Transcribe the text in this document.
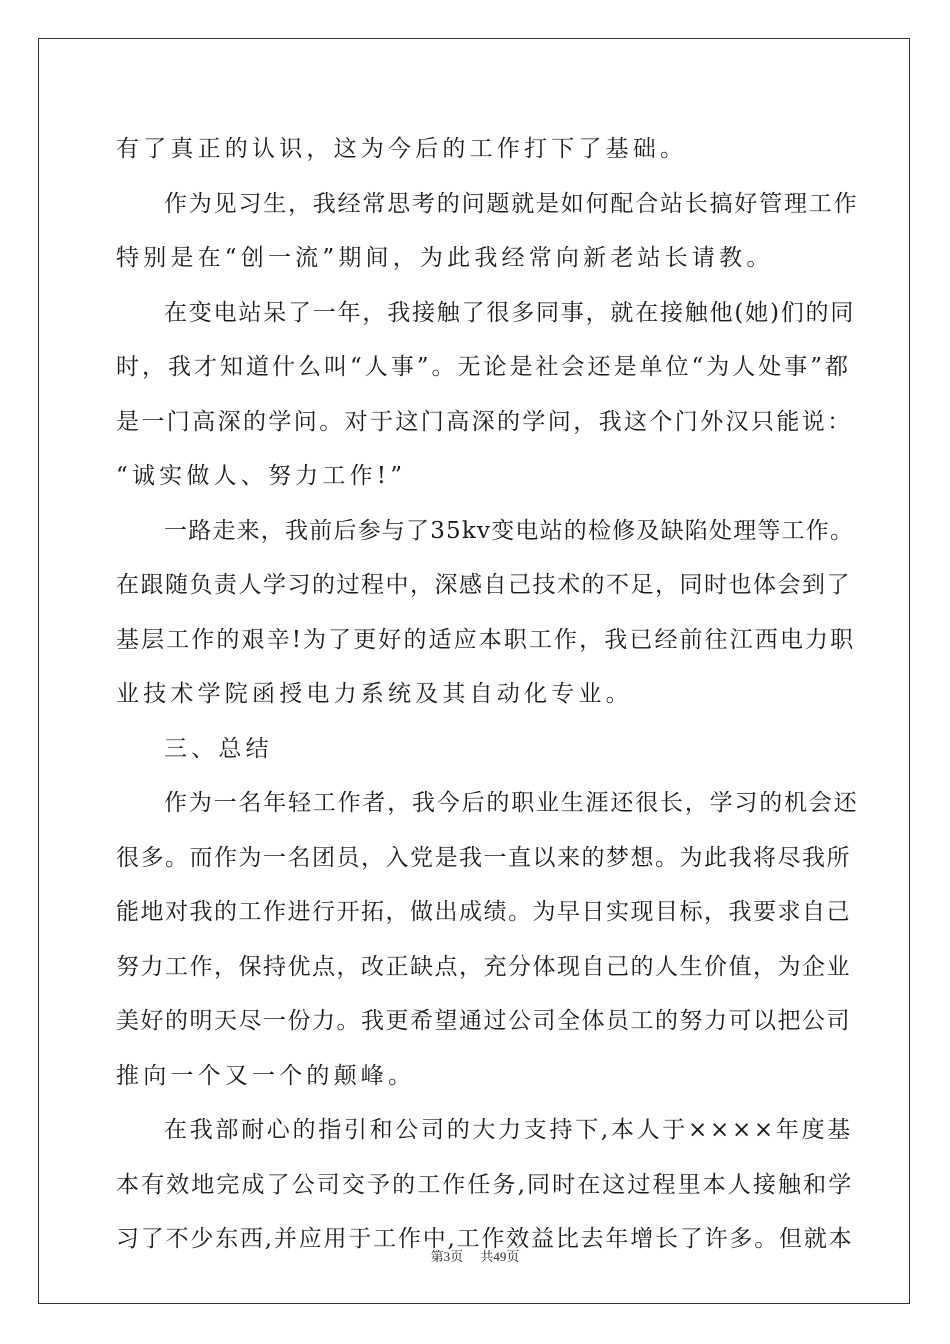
有了真正的认识，这为今后的工作打下了基础。
作为见习生，我经常思考的问题就是如何配合站长搞好管理工作
特别是在“创一流”期间，为此我经常向新老站长请教。
在变电站呆了一年，我接触了很多同事，就在接触他(她)们的同
时，我才知道什么叫“人事”。无论是社会还是单位“为人处事”都
是一门高深的学问。对于这门高深的学问，我这个门外汉只能说：
“诚实做人、努力工作!”
一路走来，我前后参与了35kv变电站的检修及缺陷处理等工作。
在跟随负责人学习的过程中，深感自己技术的不足，同时也体会到了
基层工作的艰辛!为了更好的适应本职工作，我已经前往江西电力职
业技术学院函授电力系统及其自动化专业。
三、总结
作为一名年轻工作者，我今后的职业生涯还很长，学习的机会还
很多。而作为一名团员，入党是我一直以来的梦想。为此我将尽我所
能地对我的工作进行开拓，做出成绩。为早日实现目标，我要求自己
努力工作，保持优点，改正缺点，充分体现自己的人生价值，为企业
美好的明天尽一份力。我更希望通过公司全体员工的努力可以把公司
推向一个又一个的颠峰。
在我部耐心的指引和公司的大力支持下,本人于××××年度基
本有效地完成了公司交予的工作任务,同时在这过程里本人接触和学
习了不少东西,并应用于工作中,工作效益比去年增长了许多。但就本
第3页 共49页
